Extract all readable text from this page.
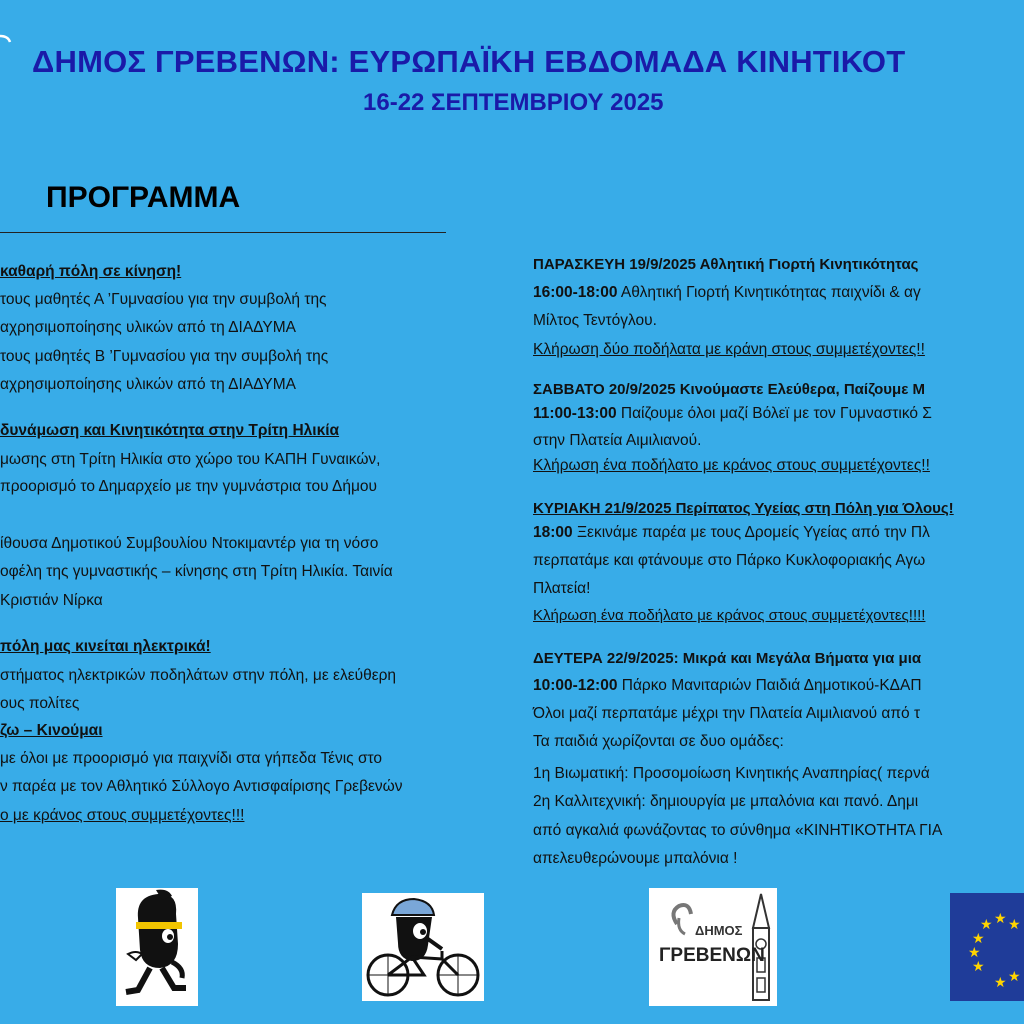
ΔΗΜΟΣ ΓΡΕΒΕΝΩΝ: ΕΥΡΩΠΑΪΚΗ ΕΒΔΟΜΑΔΑ ΚΙΝΗΤΙΚΟΤ
16-22 ΣΕΠΤΕΜΒΡΙΟΥ 2025
ΠΡΟΓΡΑΜΜΑ
καθαρή πόλη σε κίνηση!
τους μαθητές Α ’Γυμνασίου για την συμβολή της
αχρησιμοποίησης υλικών από τη ΔΙΑΔΥΜΑ
τους μαθητές Β ’Γυμνασίου για την συμβολή της
αχρησιμοποίησης υλικών από τη ΔΙΑΔΥΜΑ
δυνάμωση και Κινητικότητα στην Τρίτη Ηλικία
μωσης στη Τρίτη Ηλικία στο χώρο του ΚΑΠΗ Γυναικών,
προορισμό το Δημαρχείο με την γυμνάστρια του Δήμου
ίθουσα Δημοτικού Συμβουλίου Ντοκιμαντέρ για τη νόσο
οφέλη της γυμναστικής – κίνησης στη Τρίτη Ηλικία. Ταινία
Κριστιάν Νίρκα
πόλη μας κινείται ηλεκτρικά!
στήματος ηλεκτρικών ποδηλάτων στην πόλη, με ελεύθερη
ους πολίτες
ζω – Κινούμαι
με όλοι με προορισμό για παιχνίδι στα γήπεδα Τένις στο
ν παρέα με τον Αθλητικό Σύλλογο Αντισφαίρισης Γρεβενών
ο με κράνος στους συμμετέχοντες!!!
ΠΑΡΑΣΚΕΥΗ 19/9/2025 Αθλητική Γιορτή Κινητικότητας
16:00-18:00 Αθλητική Γιορτή Κινητικότητας παιχνίδι & αγ
Μίλτος Τεντόγλου.
Κλήρωση δύο ποδήλατα με κράνη στους συμμετέχοντες!!
ΣΑΒΒΑΤΟ 20/9/2025 Κινούμαστε Ελεύθερα, Παίζουμε Μ
11:00-13:00 Παίζουμε όλοι μαζί Βόλεϊ με τον Γυμναστικό Σ
στην Πλατεία Αιμιλιανού.
Κλήρωση ένα ποδήλατο με κράνος στους συμμετέχοντες!!
ΚΥΡΙΑΚΗ 21/9/2025 Περίπατος Υγείας στη Πόλη για Όλους!
18:00 Ξεκινάμε παρέα με τους Δρομείς Υγείας από την Πλ
περπατάμε και φτάνουμε στο Πάρκο Κυκλοφοριακής Αγω
Πλατεία!
Κλήρωση ένα ποδήλατο με κράνος στους συμμετέχοντες!!!!
ΔΕΥΤΕΡΑ 22/9/2025: Μικρά και Μεγάλα Βήματα για μια
10:00-12:00 Πάρκο Μανιταριών Παιδιά Δημοτικού-ΚΔΑΠ
Όλοι μαζί περπατάμε μέχρι την Πλατεία Αιμιλιανού από τ
Τα παιδιά χωρίζονται σε δυο ομάδες:
1η Βιωματική: Προσομοίωση Κινητικής Αναπηρίας( περνά
2η Καλλιτεχνική: δημιουργία με μπαλόνια και πανό. Δημι
από αγκαλιά φωνάζοντας το σύνθημα «ΚΙΝΗΤΙΚΟΤΗΤΑ ΓΙΑ
απελευθερώνουμε μπαλόνια !
ΔΗΜΟΣ
ΓΡΕΒΕΝΩΝ
★ ★
★
★
★
★
★ ★
